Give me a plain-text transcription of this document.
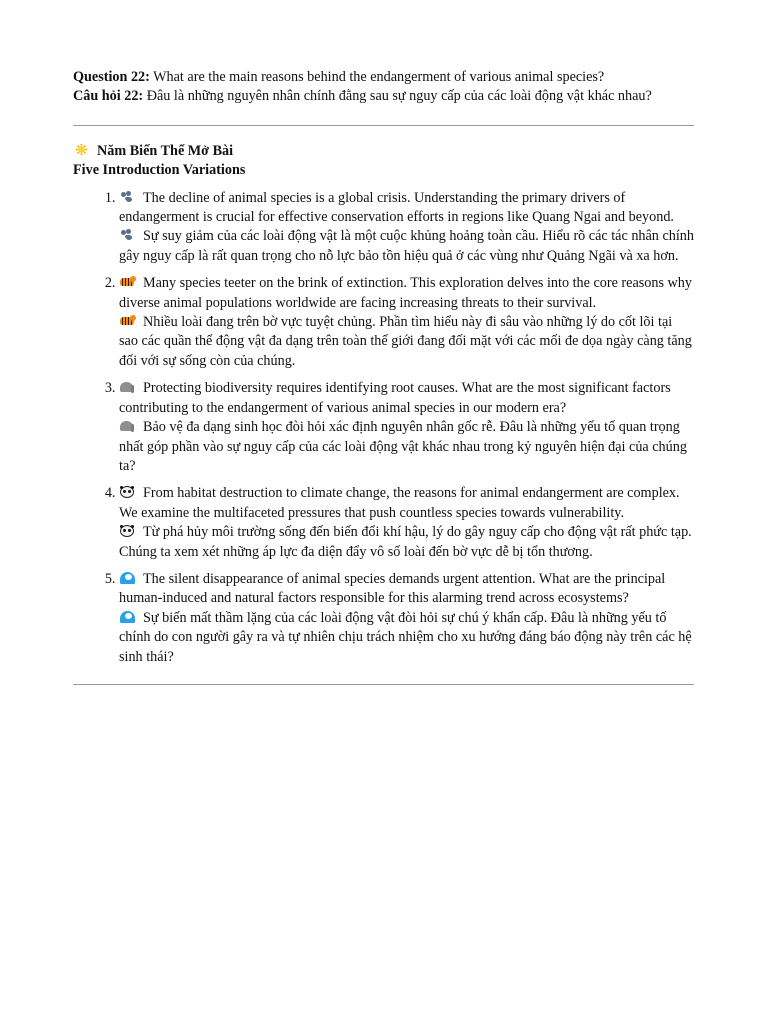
Question 22: What are the main reasons behind the endangerment of various animal species?
Câu hỏi 22: Đâu là những nguyên nhân chính đằng sau sự nguy cấp của các loài động vật khác nhau?
Năm Biến Thể Mở Bài
Five Introduction Variations
1. The decline of animal species is a global crisis. Understanding the primary drivers of endangerment is crucial for effective conservation efforts in regions like Quang Ngai and beyond.
Sự suy giảm của các loài động vật là một cuộc khủng hoảng toàn cầu. Hiểu rõ các tác nhân chính gây nguy cấp là rất quan trọng cho nỗ lực bảo tồn hiệu quả ở các vùng như Quảng Ngãi và xa hơn.
2. Many species teeter on the brink of extinction. This exploration delves into the core reasons why diverse animal populations worldwide are facing increasing threats to their survival.
Nhiều loài đang trên bờ vực tuyệt chủng. Phần tìm hiểu này đi sâu vào những lý do cốt lõi tại sao các quần thể động vật đa dạng trên toàn thế giới đang đối mặt với các mối đe dọa ngày càng tăng đối với sự sống còn của chúng.
3. Protecting biodiversity requires identifying root causes. What are the most significant factors contributing to the endangerment of various animal species in our modern era?
Bảo vệ đa dạng sinh học đòi hỏi xác định nguyên nhân gốc rễ. Đâu là những yếu tố quan trọng nhất góp phần vào sự nguy cấp của các loài động vật khác nhau trong kỷ nguyên hiện đại của chúng ta?
4. From habitat destruction to climate change, the reasons for animal endangerment are complex. We examine the multifaceted pressures that push countless species towards vulnerability.
Từ phá hủy môi trường sống đến biến đổi khí hậu, lý do gây nguy cấp cho động vật rất phức tạp. Chúng ta xem xét những áp lực đa diện đẩy vô số loài đến bờ vực dễ bị tổn thương.
5. The silent disappearance of animal species demands urgent attention. What are the principal human-induced and natural factors responsible for this alarming trend across ecosystems?
Sự biến mất thầm lặng của các loài động vật đòi hỏi sự chú ý khẩn cấp. Đâu là những yếu tố chính do con người gây ra và tự nhiên chịu trách nhiệm cho xu hướng đáng báo động này trên các hệ sinh thái?
